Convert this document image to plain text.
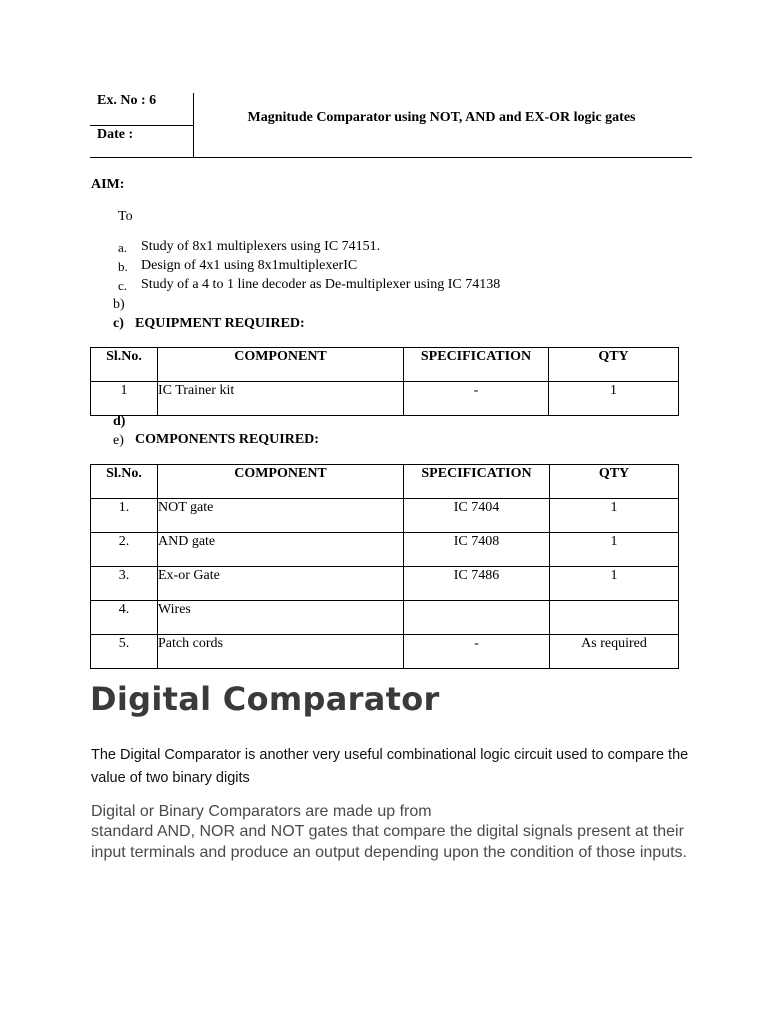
Ex. No : 6
Date :
Magnitude Comparator using NOT, AND and EX-OR logic gates
AIM:
To
a. Study of 8x1 multiplexers using IC 74151.
b. Design of 4x1 using 8x1multiplexerIC
c. Study of a 4 to 1 line decoder as De-multiplexer using IC 74138
b)
c) EQUIPMENT REQUIRED:
Sl.No.	COMPONENT	SPECIFICATION	QTY
1	IC Trainer kit	-	1
d)
e) COMPONENTS REQUIRED:
Sl.No.	COMPONENT	SPECIFICATION	QTY
1.	NOT gate	IC 7404	1
2.	AND gate	IC 7408	1
3.	Ex-or Gate	IC 7486	1
4.	Wires		
5.	Patch cords	-	As required
Digital Comparator
The Digital Comparator is another very useful combinational logic circuit used to compare the value of two binary digits
Digital or Binary Comparators are made up from
standard AND, NOR and NOT gates that compare the digital signals present at their input terminals and produce an output depending upon the condition of those inputs.
